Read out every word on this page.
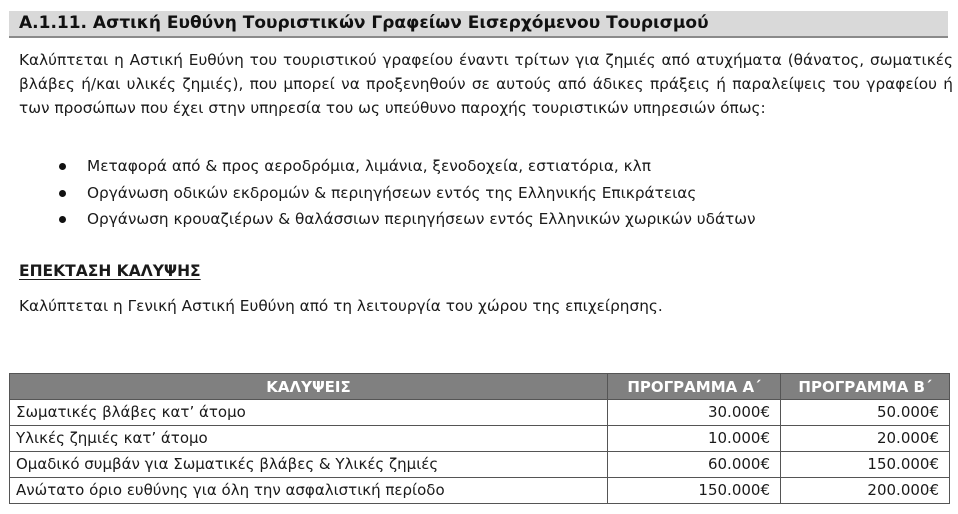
Α.1.11. Αστική Ευθύνη Τουριστικών Γραφείων Εισερχόμενου Τουρισμού

Καλύπτεται η Αστική Ευθύνη του τουριστικού γραφείου έναντι τρίτων για ζημιές από ατυχήματα (θάνατος, σωματικές βλάβες ή/και υλικές ζημιές), που μπορεί να προξενηθούν σε αυτούς από άδικες πράξεις ή παραλείψεις του γραφείου ή των προσώπων που έχει στην υπηρεσία του ως υπεύθυνο παροχής τουριστικών υπηρεσιών όπως:

Μεταφορά από & προς αεροδρόμια, λιμάνια, ξενοδοχεία, εστιατόρια, κλπ
Οργάνωση οδικών εκδρομών & περιηγήσεων εντός της Ελληνικής Επικράτειας
Οργάνωση κρουαζιέρων & θαλάσσιων περιηγήσεων εντός Ελληνικών χωρικών υδάτων
ΕΠΕΚΤΑΣΗ ΚΑΛΥΨΗΣ
Καλύπτεται η Γενική Αστική Ευθύνη από τη λειτουργία του χώρου της επιχείρησης.
ΚΑΛΥΨΕΙΣ	ΠΡΟΓΡΑΜΜΑ Α΄	ΠΡΟΓΡΑΜΜΑ Β΄
Σωματικές βλάβες κατ’ άτομο	30.000€	50.000€
Υλικές ζημιές κατ’ άτομο	10.000€	20.000€
Ομαδικό συμβάν για Σωματικές βλάβες & Υλικές ζημιές	60.000€	150.000€
Ανώτατο όριο ευθύνης για όλη την ασφαλιστική περίοδο	150.000€	200.000€
